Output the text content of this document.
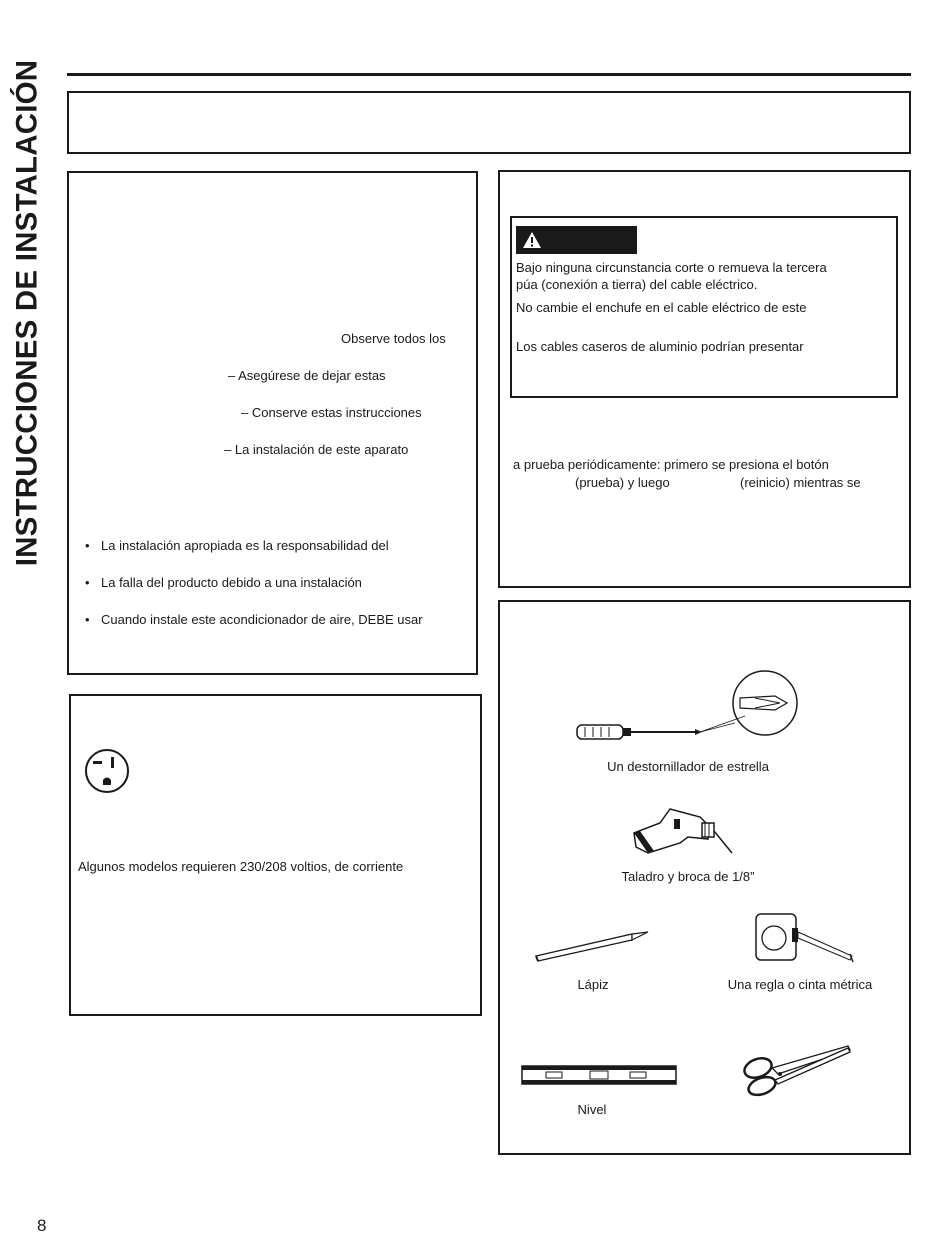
INSTRUCCIONES DE INSTALACIÓN	Observe todos los
– Asegúrese de dejar estas
– Conserve estas instrucciones
– La instalación de este aparato
• La instalación apropiada es la responsabilidad del
• La falla del producto debido a una instalación
• Cuando instale este acondicionador de aire, DEBE usar
Algunos modelos requieren 230/208 voltios, de corriente
Bajo ninguna circunstancia corte o remueva la tercera
púa (conexión a tierra) del cable eléctrico.
No cambie el enchufe en el cable eléctrico de este
Los cables caseros de aluminio podrían presentar
a prueba periódicamente: primero se presiona el botón
(prueba) y luego	(reinicio) mientras se
Un destornillador de estrella
Taladro y broca de 1/8”
Lápiz	Una regla o cinta métrica
Nivel
8
